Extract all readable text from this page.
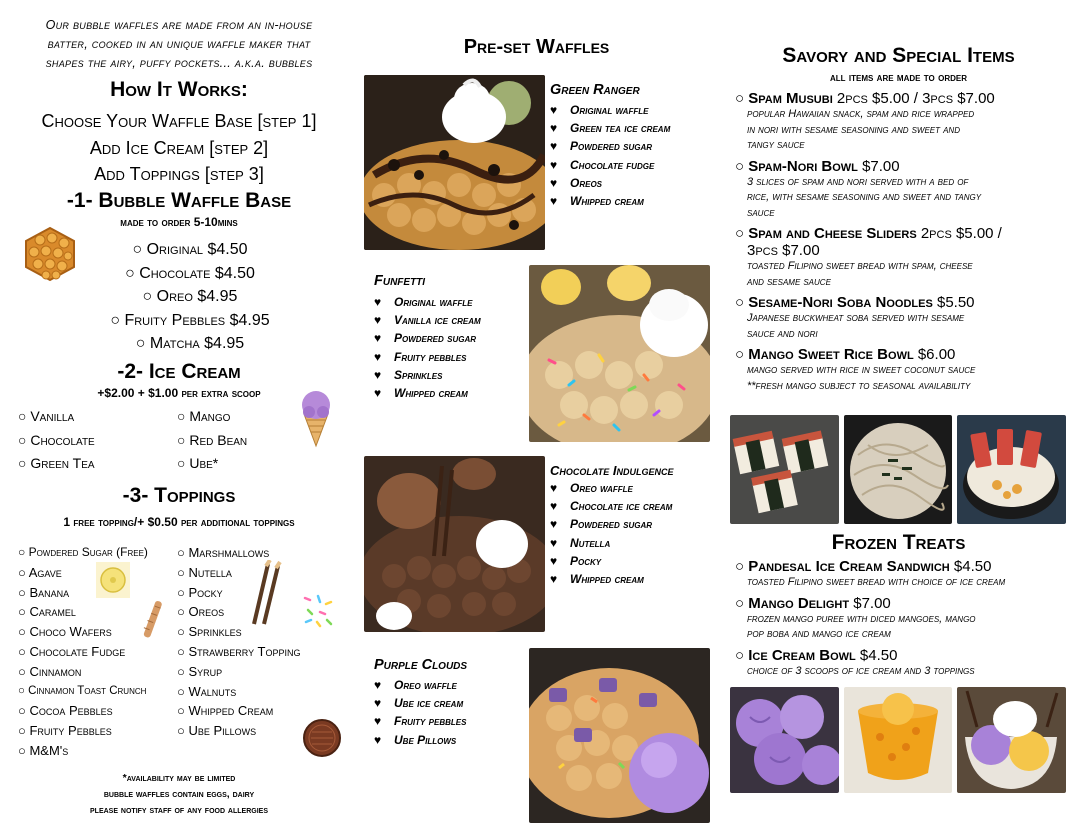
Our bubble waffles are made from an in-house
batter, cooked in an unique waffle maker that
shapes the airy, puffy pockets... a.k.a. bubbles
How It Works:
Choose Your Waffle Base [step 1]
Add Ice Cream [step 2]
Add Toppings [step 3]
-1- Bubble Waffle Base
made to order 5-10mins
○ Original $4.50
○ Chocolate $4.50
○ Oreo $4.95
○ Fruity Pebbles $4.95
○ Matcha $4.95
-2- Ice Cream
+$2.00 + $1.00 per extra scoop
○ Vanilla
○ Chocolate
○ Green Tea
○ Mango
○ Red Bean
○ Ube*
-3- Toppings
1 free topping/+ $0.50 per additional toppings
○ Powdered Sugar (Free)
○ Agave
○ Banana
○ Caramel
○ Choco Wafers
○ Chocolate Fudge
○ Cinnamon
○ Cinnamon Toast Crunch
○ Cocoa Pebbles
○ Fruity Pebbles
○ M&M's
○ Marshmallows
○ Nutella
○ Pocky
○ Oreos
○ Sprinkles
○ Strawberry Topping
○ Syrup
○ Walnuts
○ Whipped Cream
○ Ube Pillows
*availability may be limited
bubble waffles contain eggs, dairy
please notify staff of any food allergies
Pre-set Waffles
Green Ranger
♥ Original waffle
♥ Green tea ice cream
♥ Powdered sugar
♥ Chocolate fudge
♥ Oreos
♥ Whipped cream
Funfetti
♥ Original waffle
♥ Vanilla ice cream
♥ Powdered sugar
♥ Fruity pebbles
♥ Sprinkles
♥ Whipped cream
Chocolate Indulgence
♥ Oreo waffle
♥ Chocolate ice cream
♥ Powdered sugar
♥ Nutella
♥ Pocky
♥ Whipped cream
Purple Clouds
♥ Oreo waffle
♥ Ube ice cream
♥ Fruity pebbles
♥ Ube Pillows
Savory and Special Items
all items are made to order
○ Spam Musubi 2pcs $5.00 / 3pcs $7.00
popular Hawaiian snack, spam and rice wrapped
in nori with sesame seasoning and sweet and
tangy sauce
○ Spam-Nori Bowl $7.00
3 slices of spam and nori served with a bed of
rice, with sesame seasoning and sweet and tangy
sauce
○ Spam and Cheese Sliders 2pcs $5.00 /
3pcs $7.00
toasted Filipino sweet bread with spam, cheese
and sesame sauce
○ Sesame-Nori Soba Noodles $5.50
Japanese buckwheat soba served with sesame
sauce and nori
○ Mango Sweet Rice Bowl $6.00
mango served with rice in sweet coconut sauce
**fresh mango subject to seasonal availability
Frozen Treats
○ Pandesal Ice Cream Sandwich $4.50
toasted Filipino sweet bread with choice of ice cream
○ Mango Delight $7.00
frozen mango puree with diced mangoes, mango
pop boba and mango ice cream
○ Ice Cream Bowl $4.50
choice of 3 scoops of ice cream and 3 toppings
